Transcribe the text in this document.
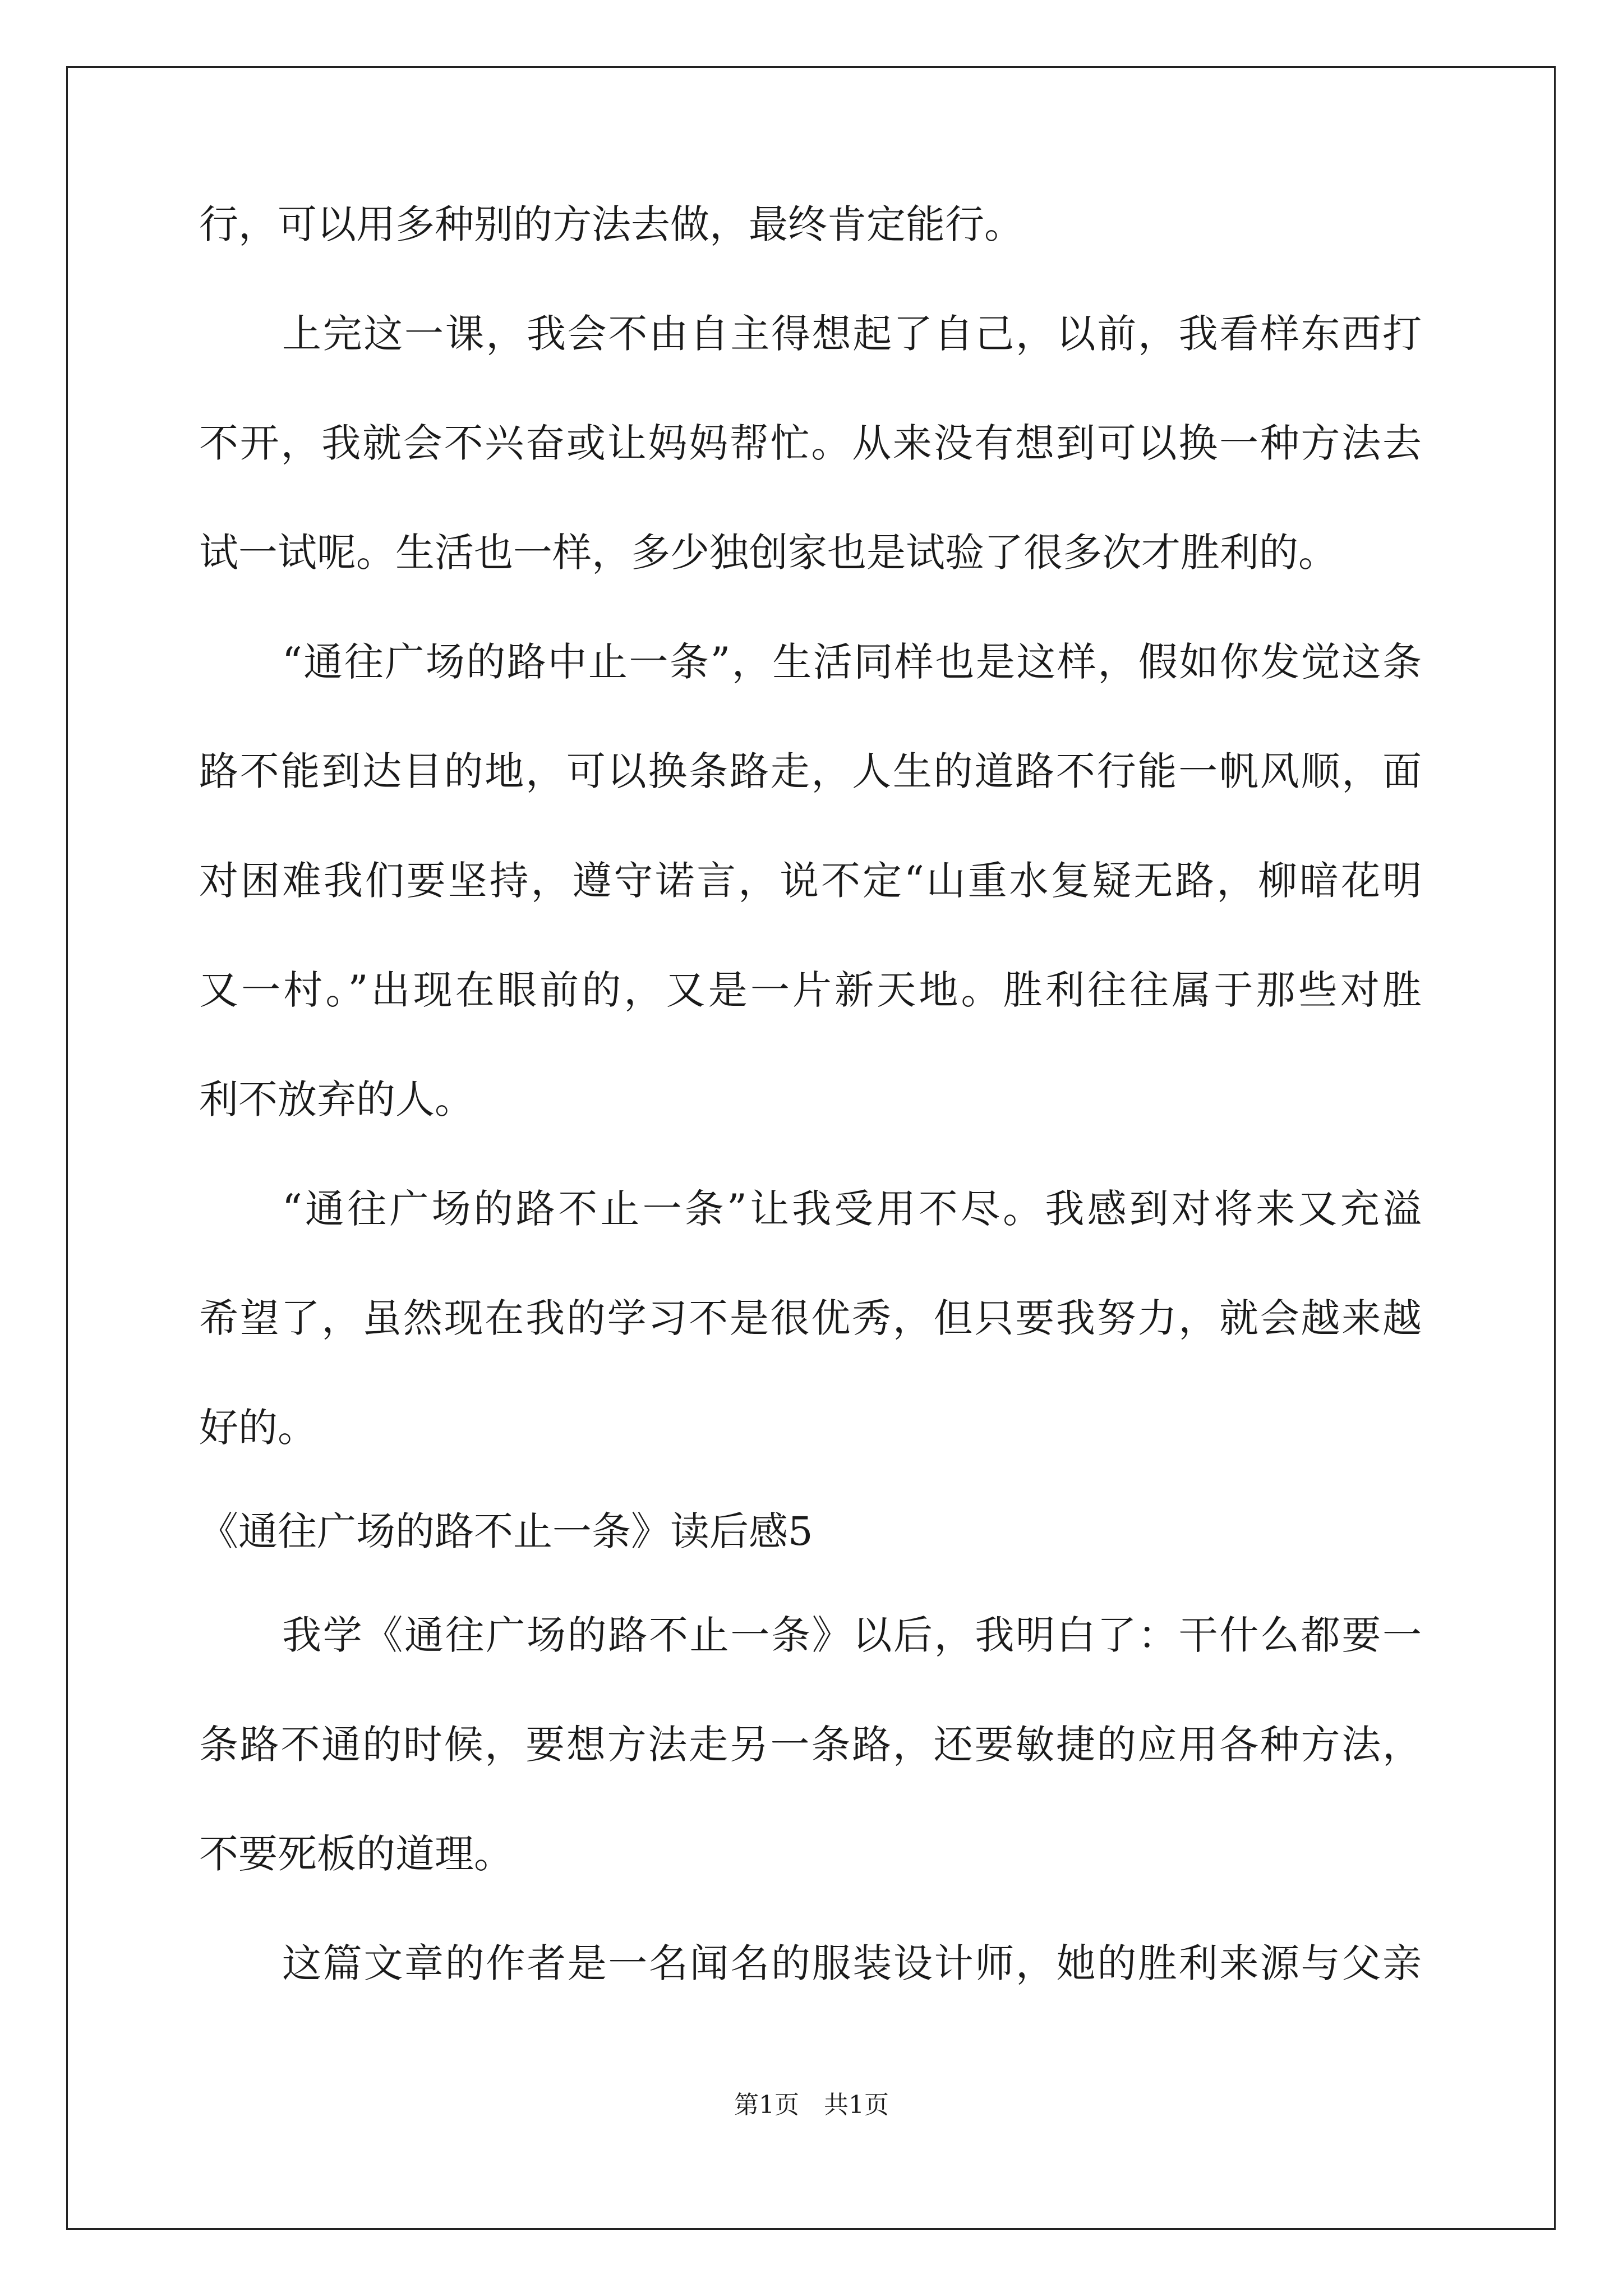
行，可以用多种别的方法去做，最终肯定能行。
上完这一课，我会不由自主得想起了自己，以前，我看样东西打
不开，我就会不兴奋或让妈妈帮忙。从来没有想到可以换一种方法去
试一试呢。生活也一样，多少独创家也是试验了很多次才胜利的。
“通往广场的路中止一条”，生活同样也是这样，假如你发觉这条
路不能到达目的地，可以换条路走，人生的道路不行能一帆风顺，面
对困难我们要坚持，遵守诺言，说不定“山重水复疑无路，柳暗花明
又一村。”出现在眼前的，又是一片新天地。胜利往往属于那些对胜
利不放弃的人。
“通往广场的路不止一条”让我受用不尽。我感到对将来又充溢
希望了，虽然现在我的学习不是很优秀，但只要我努力，就会越来越
好的。
《通往广场的路不止一条》读后感5
我学《通往广场的路不止一条》以后，我明白了：干什么都要一
条路不通的时候，要想方法走另一条路，还要敏捷的应用各种方法，
不要死板的道理。
这篇文章的作者是一名闻名的服装设计师，她的胜利来源与父亲
第1页　共1页
